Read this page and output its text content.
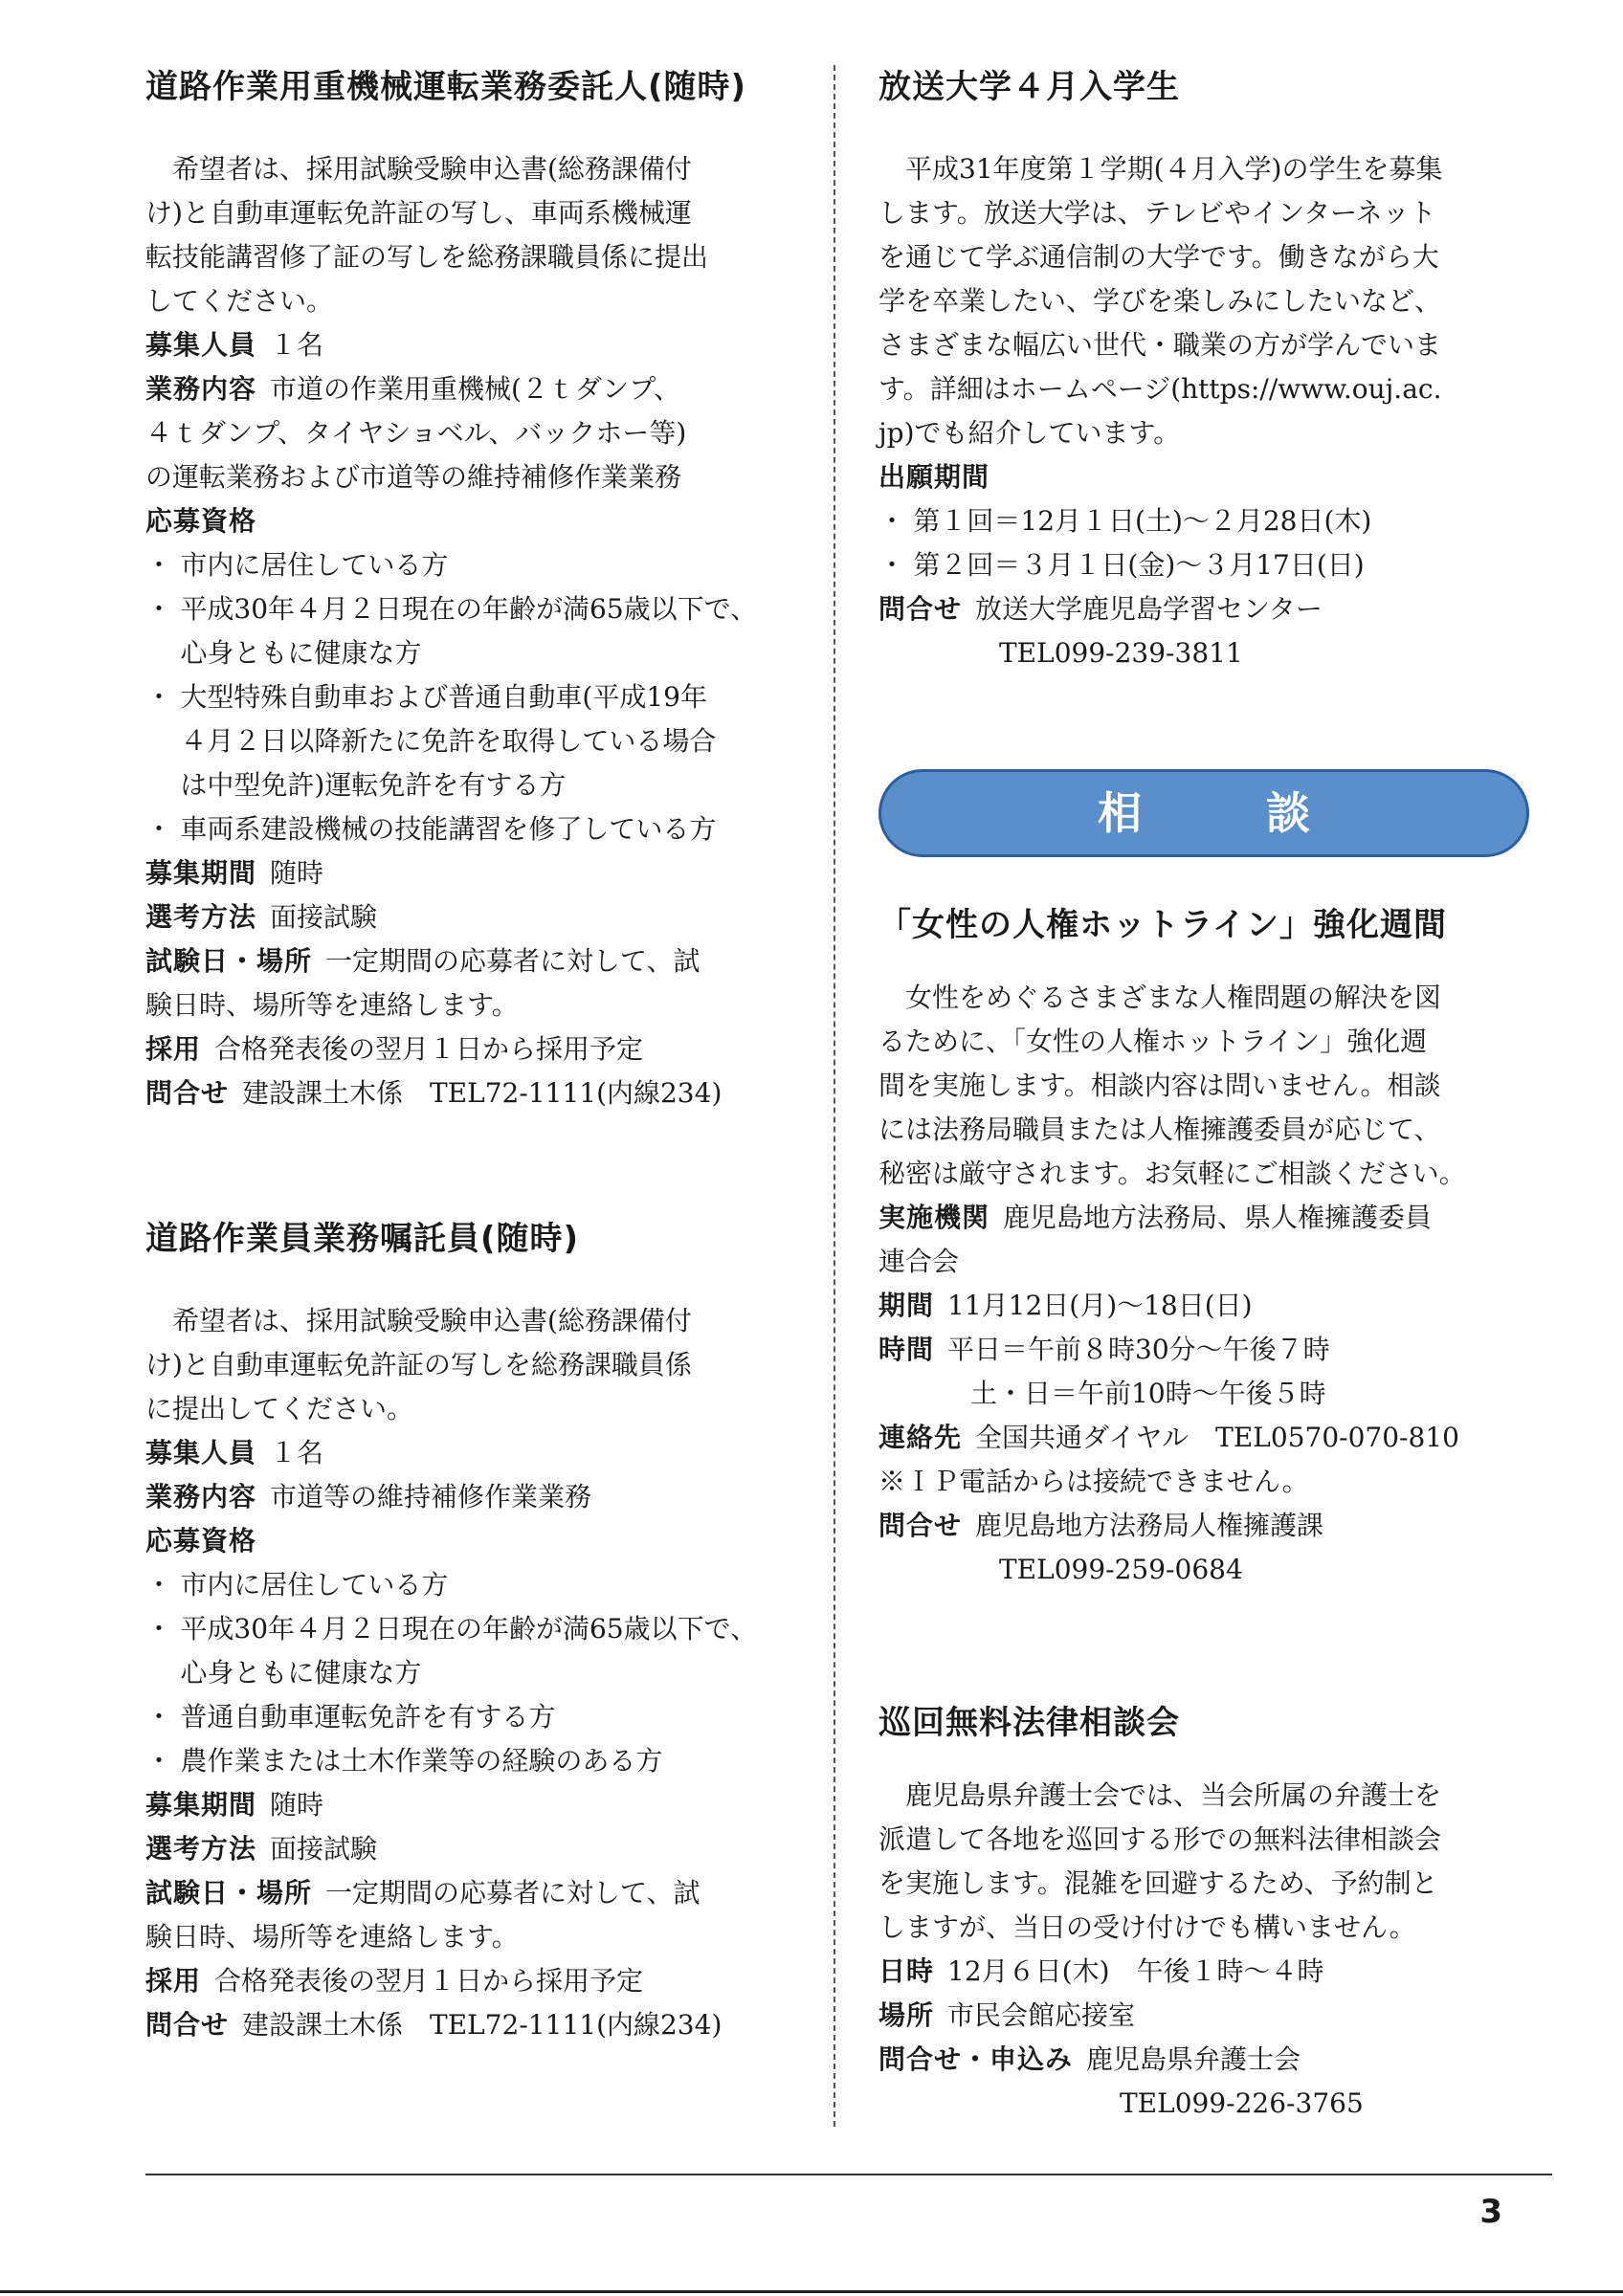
道路作業用重機械運転業務委託人(随時)

希望者は、採用試験受験申込書(総務課備付
け)と自動車運転免許証の写し、車両系機械運
転技能講習修了証の写しを総務課職員係に提出
してください。

募集人員 １名

業務内容 市道の作業用重機械(２ｔダンプ、
４ｔダンプ、タイヤショベル、バックホー等)
の運転業務および市道等の維持補修作業業務

応募資格

・ 市内に居住している方
・ 平成30年４月２日現在の年齢が満65歳以下で、
心身ともに健康な方
・ 大型特殊自動車および普通自動車(平成19年
４月２日以降新たに免許を取得している場合
は中型免許)運転免許を有する方
・ 車両系建設機械の技能講習を修了している方

募集期間 随時

選考方法 面接試験

試験日・場所 一定期間の応募者に対して、試
験日時、場所等を連絡します。

採用 合格発表後の翌月１日から採用予定

問合せ 建設課土木係　TEL72-1111(内線234)

道路作業員業務嘱託員(随時)

希望者は、採用試験受験申込書(総務課備付
け)と自動車運転免許証の写しを総務課職員係
に提出してください。

募集人員 １名

業務内容 市道等の維持補修作業業務

応募資格

・ 市内に居住している方
・ 平成30年４月２日現在の年齢が満65歳以下で、
心身ともに健康な方
・ 普通自動車運転免許を有する方
・ 農作業または土木作業等の経験のある方

募集期間 随時

選考方法 面接試験

試験日・場所 一定期間の応募者に対して、試
験日時、場所等を連絡します。

採用 合格発表後の翌月１日から採用予定

問合せ 建設課土木係　TEL72-1111(内線234)

放送大学４月入学生

平成31年度第１学期(４月入学)の学生を募集
します。放送大学は、テレビやインターネット
を通じて学ぶ通信制の大学です。働きながら大
学を卒業したい、学びを楽しみにしたいなど、
さまざまな幅広い世代・職業の方が学んでいま
す。詳細はホームページ(https://www.ouj.ac.
jp)でも紹介しています。

出願期間

・ 第１回＝12月１日(土)～２月28日(木)
・ 第２回＝３月１日(金)～３月17日(日)

問合せ 放送大学鹿児島学習センター

TEL099-239-3811

相談
「女性の人権ホットライン」強化週間

女性をめぐるさまざまな人権問題の解決を図
るために、「女性の人権ホットライン」強化週
間を実施します。相談内容は問いません。相談
には法務局職員または人権擁護委員が応じて、
秘密は厳守されます。お気軽にご相談ください。

実施機関 鹿児島地方法務局、県人権擁護委員
連合会

期間 11月12日(月)～18日(日)

時間 平日＝午前８時30分～午後７時

土・日＝午前10時～午後５時

連絡先 全国共通ダイヤル　TEL0570-070-810

※ＩＰ電話からは接続できません。

問合せ 鹿児島地方法務局人権擁護課

TEL099-259-0684

巡回無料法律相談会

鹿児島県弁護士会では、当会所属の弁護士を
派遣して各地を巡回する形での無料法律相談会
を実施します。混雑を回避するため、予約制と
しますが、当日の受け付けでも構いません。

日時 12月６日(木)　午後１時～４時

場所 市民会館応接室

問合せ・申込み 鹿児島県弁護士会

TEL099-226-3765

3
